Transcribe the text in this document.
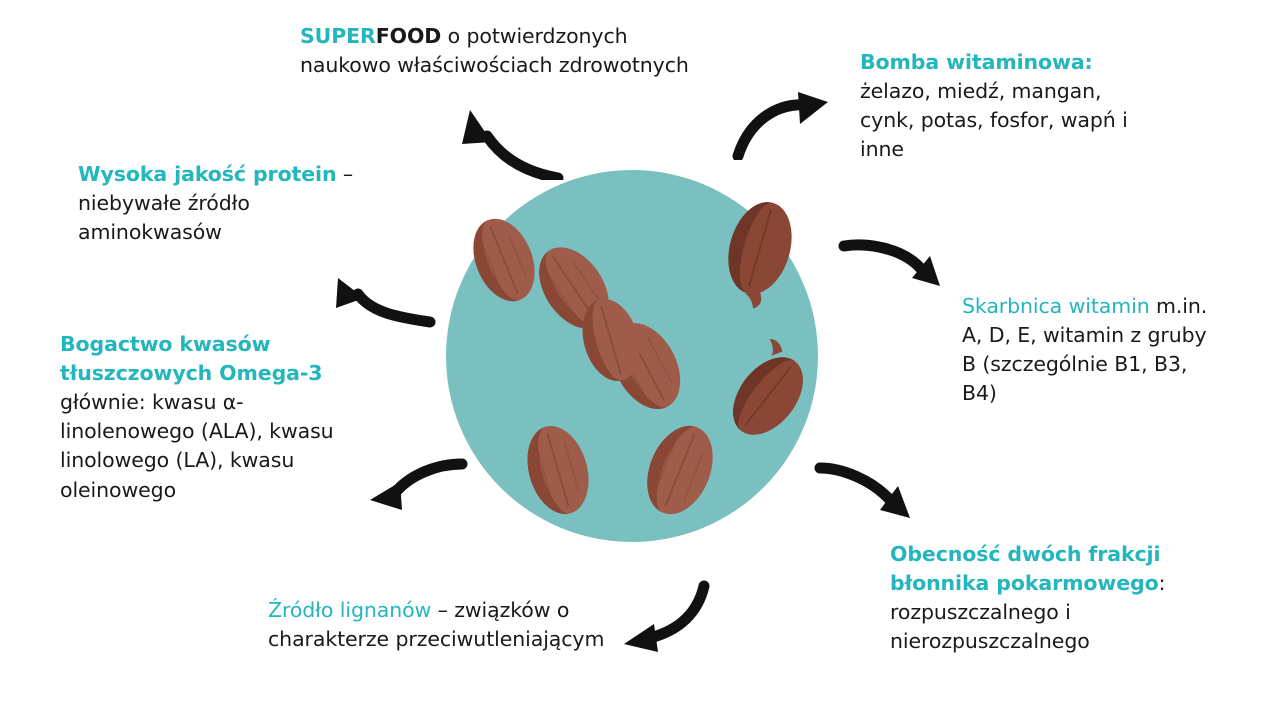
SUPERFOOD o potwierdzonych naukowo właściwościach zdrowotnych	Bomba witaminowa: żelazo, miedź, mangan, cynk, potas, fosfor, wapń i inne
Wysoka jakość protein – niebywałe źródło aminokwasów
Skarbnica witamin m.in. A, D, E, witamin z gruby B (szczególnie B1, B3, B4)
Bogactwo kwasów tłuszczowych Omega-3 głównie: kwasu α-linolenowego (ALA), kwasu linolowego (LA), kwasu oleinowego
Obecność dwóch frakcji błonnika pokarmowego: rozpuszczalnego i nierozpuszczalnego
Źródło lignanów – związków o charakterze przeciwutleniającym
